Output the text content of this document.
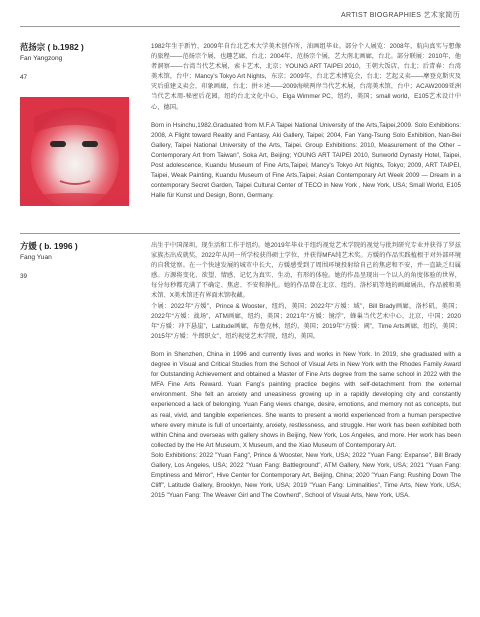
ARTIST BIOGRAPHIES 艺术家简历
范扬宗 ( b.1982 )
Fan Yangzong
47

1982年生于新竹，2009年自台北艺术大学美术创作所，油画组毕业。部分个人展览：2008年，航向真实与想像的旅程——范扬宗个展，也趣艺廊，台北；2004年，范扬宗个展，艺大南北画廊，台北。部分联展：2010年，他者洞察——台湾当代艺术展，索卡艺术，北京；YOUNG ART TAIPEI 2010，王朝大饭店，台北；后青春：台湾美术馆，台中；Mancy's Tokyo Art Nights，东京；2009年，台北艺术博览会，台北；艺起义卖——摩登克斯灾及灾后重建义卖会，印象画廊，台北；拼＊述——2009海峡两岸当代艺术展，台湾美术馆，台中；ACAW2009亚洲当代艺术周-秘密后花园，纽约台北文化中心，Elga Wimmer PC，纽约，美国；small world，E105艺术设计中心，德国。

Born in Hsinchu,1982.Graduated from M.F.A Taipei National University of the Arts,Taipei,2009. Solo Exhibitions: 2008, A Flight toward Reality and Fantasy, Aki Gallery, Taipei; 2004, Fan Yang-Tsung Solo Exhibition, Nan-Bei Gallery, Taipei National University of the Arts, Taipei. Group Exhibitions: 2010, Measurement of the Other – Contemporary Art from Taiwan", Soka Art, Beijing; YOUNG ART TAIPEI 2010, Sunworld Dynasty Hotel, Taipei, Post adolescence, Kuandu Museum of Fine Arts,Taipei; Mancy's Tokyo Art Nights, Tokyo; 2009, ART TAIPEI, Taipei, Weak Painting, Kuandu Museum of Fine Arts,Taipei; Asian Contemporary Art Week 2009 — Dream in a contemporary Secret Garden, Taipei Cultural Center of TECO in New York , New York, USA; Small World, E105 Halle für Kunst und Design, Bonn, Germany.

方媛 ( b. 1996 )
Fang Yuan
39

出生于中国深圳，现生活和工作于纽约。她2019年毕业于纽约视觉艺术学院的视觉与批判研究专业并获得了罗兹家族杰出成就奖，2022年从同一所学校获得硕士学位，并获得MFA纯艺术奖。方媛的作品实践植根于对外部环境的自我觉察。在一个快速发展的城市中长大，方媛感受到了周围环境投射给自己的焦虑和不安，并一直缺乏归属感。方源将变化、欲望、情感、记忆为真实、生动，有形的体验。她的作品呈现出一个以人的角度体验的世界，每分每秒都充满了不确定、焦虑、不安和挣扎。她的作品曾在北京、纽约、洛杉矶等地的画廊展出，作品被和美术馆、X美术馆还有界面术馆收藏。

个展：2022年“方媛”，Prince & Wooster，纽约，美国；2022年“方媛：域”，Bill Brady画廊，洛杉矶，美国；2022年“方媛：战场”，ATM画廊，纽约，美国；2021年“方媛：镜浮”，蜂巢当代艺术中心，北京，中国；2020年“方媛：冲下悬崖”，Latitude画廊，布鲁克林，纽约，美国；2019年“方媛：阈”，Time Arts画廊，纽约，美国；2015年“方媛：牛郎织女”，纽约视觉艺术学院，纽约，美国。

Born in Shenzhen, China in 1996 and currently lives and works in New York. In 2019, she graduated with a degree in Visual and Critical Studies from the School of Visual Arts in New York with the Rhodes Family Award for Outstanding Achievement and obtained a Master of Fine Arts degree from the same school in 2022 with the MFA Fine Arts Reward. Yuan Fang's painting practice begins with self-detachment from the external environment. She felt an anxiety and uneasiness growing up in a rapidly developing city and constantly experienced a lack of belonging. Yuan Fang views change, desire, emotions, and memory not as concepts, but as real, vivid, and tangible experiences. She wants to present a world experienced from a human perspective where every minute is full of uncertainty, anxiety, restlessness, and struggle. Her work has been exhibited both within China and overseas with gallery shows in Beijing, New York, Los Angeles, and more. Her work has been collected by the He Art Museum, X Museum, and the Xiao Museum of Contemporary Art.

Solo Exhibitions: 2022 "Yuan Fang", Prince & Wooster, New York, USA; 2022 "Yuan Fang: Expanse", Bill Brady Gallery, Los Angeles, USA; 2022 "Yuan Fang: Battleground", ATM Gallery, New York, USA; 2021 "Yuan Fang: Emptiness and Mirror", Hive Center for Contemporary Art, Beijing, China; 2020 "Yuan Fang: Rushing Down The Cliff", Latitude Gallery, Brooklyn, New York, USA; 2019 "Yuan Fang: Liminalities", Time Arts, New York, USA; 2015 "Yuan Fang: The Weaver Girl and The Cowherd", School of Visual Arts, New York, USA.
